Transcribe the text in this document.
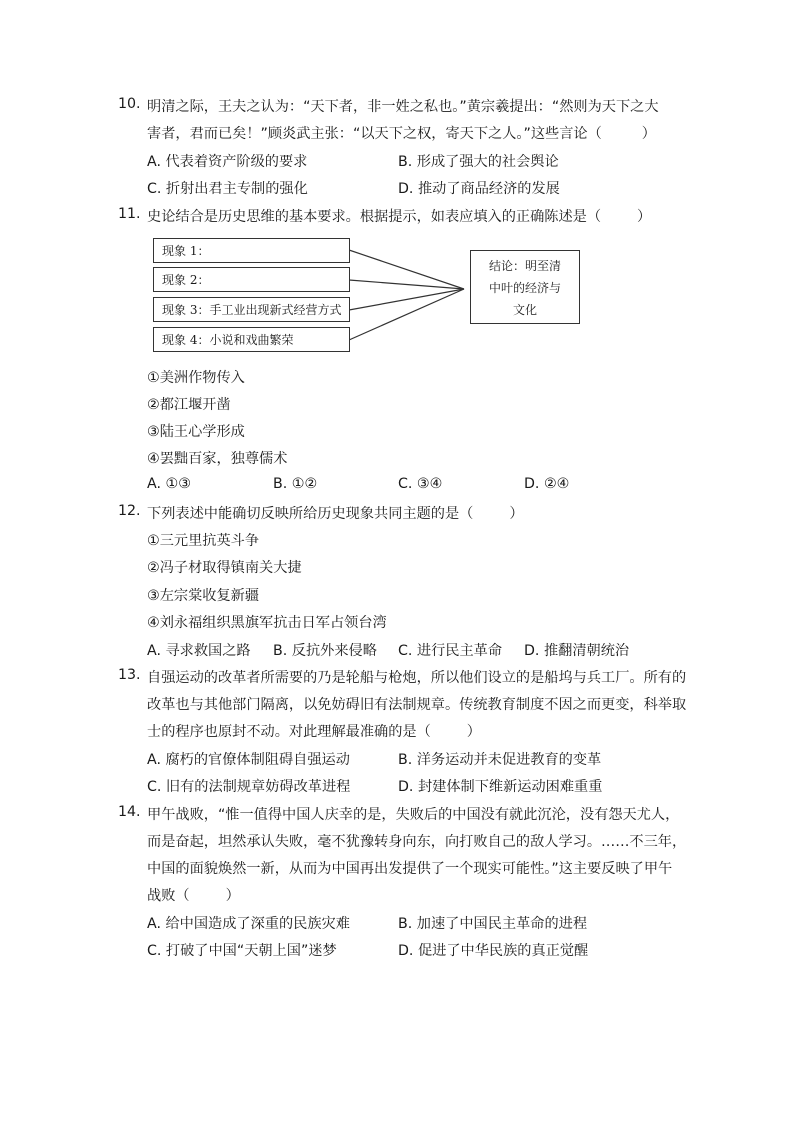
10. 明清之际，王夫之认为：“天下者，非一姓之私也。”黄宗羲提出：“然则为天下之大
害者，君而已矣！”顾炎武主张：“以天下之权，寄天下之人。”这些言论（	）
A. 代表着资产阶级的要求	B. 形成了强大的社会舆论
C. 折射出君主专制的强化	D. 推动了商品经济的发展
11. 史论结合是历史思维的基本要求。根据提示，如表应填入的正确陈述是（	）
现象 1：
现象 2：
现象 3：手工业出现新式经营方式
现象 4：小说和戏曲繁荣
结论：明至清
中叶的经济与
文化
①美洲作物传入
②都江堰开凿
③陆王心学形成
④罢黜百家，独尊儒术
A. ①③	B. ①②	C. ③④	D. ②④
12. 下列表述中能确切反映所给历史现象共同主题的是（	）
①三元里抗英斗争
②冯子材取得镇南关大捷
③左宗棠收复新疆
④刘永福组织黑旗军抗击日军占领台湾
A. 寻求救国之路 B. 反抗外来侵略 C. 进行民主革命 D. 推翻清朝统治
13. 自强运动的改革者所需要的乃是轮船与枪炮，所以他们设立的是船坞与兵工厂。所有的
改革也与其他部门隔离，以免妨碍旧有法制规章。传统教育制度不因之而更变，科举取
士的程序也原封不动。对此理解最准确的是（	）
A. 腐朽的官僚体制阻碍自强运动	B. 洋务运动并未促进教育的变革
C. 旧有的法制规章妨碍改革进程	D. 封建体制下维新运动困难重重
14. 甲午战败，“惟一值得中国人庆幸的是，失败后的中国没有就此沉沦，没有怨天尤人，
而是奋起，坦然承认失败，毫不犹豫转身向东，向打败自己的敌人学习。……不三年，
中国的面貌焕然一新，从而为中国再出发提供了一个现实可能性。”这主要反映了甲午
战败（	）
A. 给中国造成了深重的民族灾难	B. 加速了中国民主革命的进程
C. 打破了中国“天朝上国”迷梦	D. 促进了中华民族的真正觉醒
